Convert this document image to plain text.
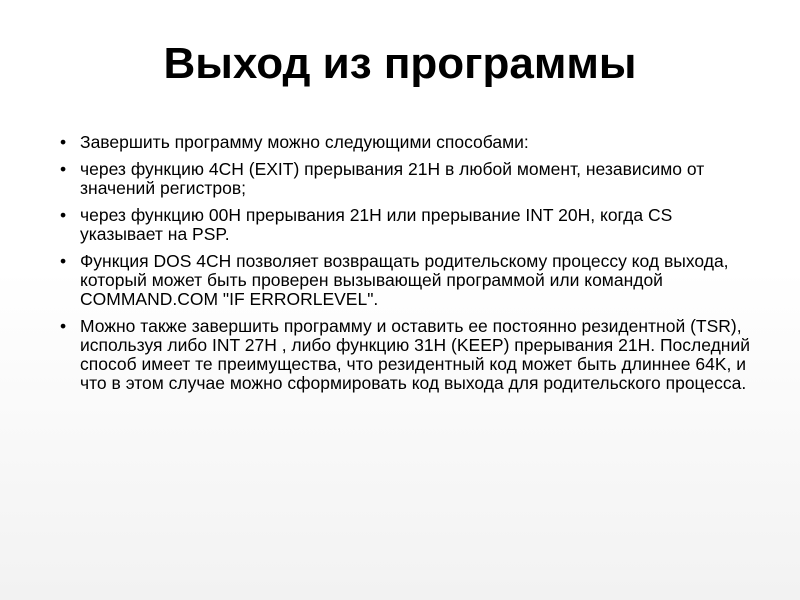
Выход из программы
• Завершить программу можно следующими способами:
• через функцию 4CH (EXIT) прерывания 21H в любой момент, независимо от значений регистров;
• через функцию 00H прерывания 21H или прерывание INT 20H, когда CS указывает на PSP.
• Функция DOS 4CH позволяет возвращать родительскому процессу код выхода, который может быть проверен вызывающей программой или командой COMMAND.COM "IF ERRORLEVEL".
• Можно также завершить программу и оставить ее постоянно резидентной (TSR), используя либо INT 27H , либо функцию 31H (KEEP) прерывания 21H. Последний способ имеет те преимущества, что резидентный код может быть длиннее 64K, и что в этом случае можно сформировать код выхода для родительского процесса.
